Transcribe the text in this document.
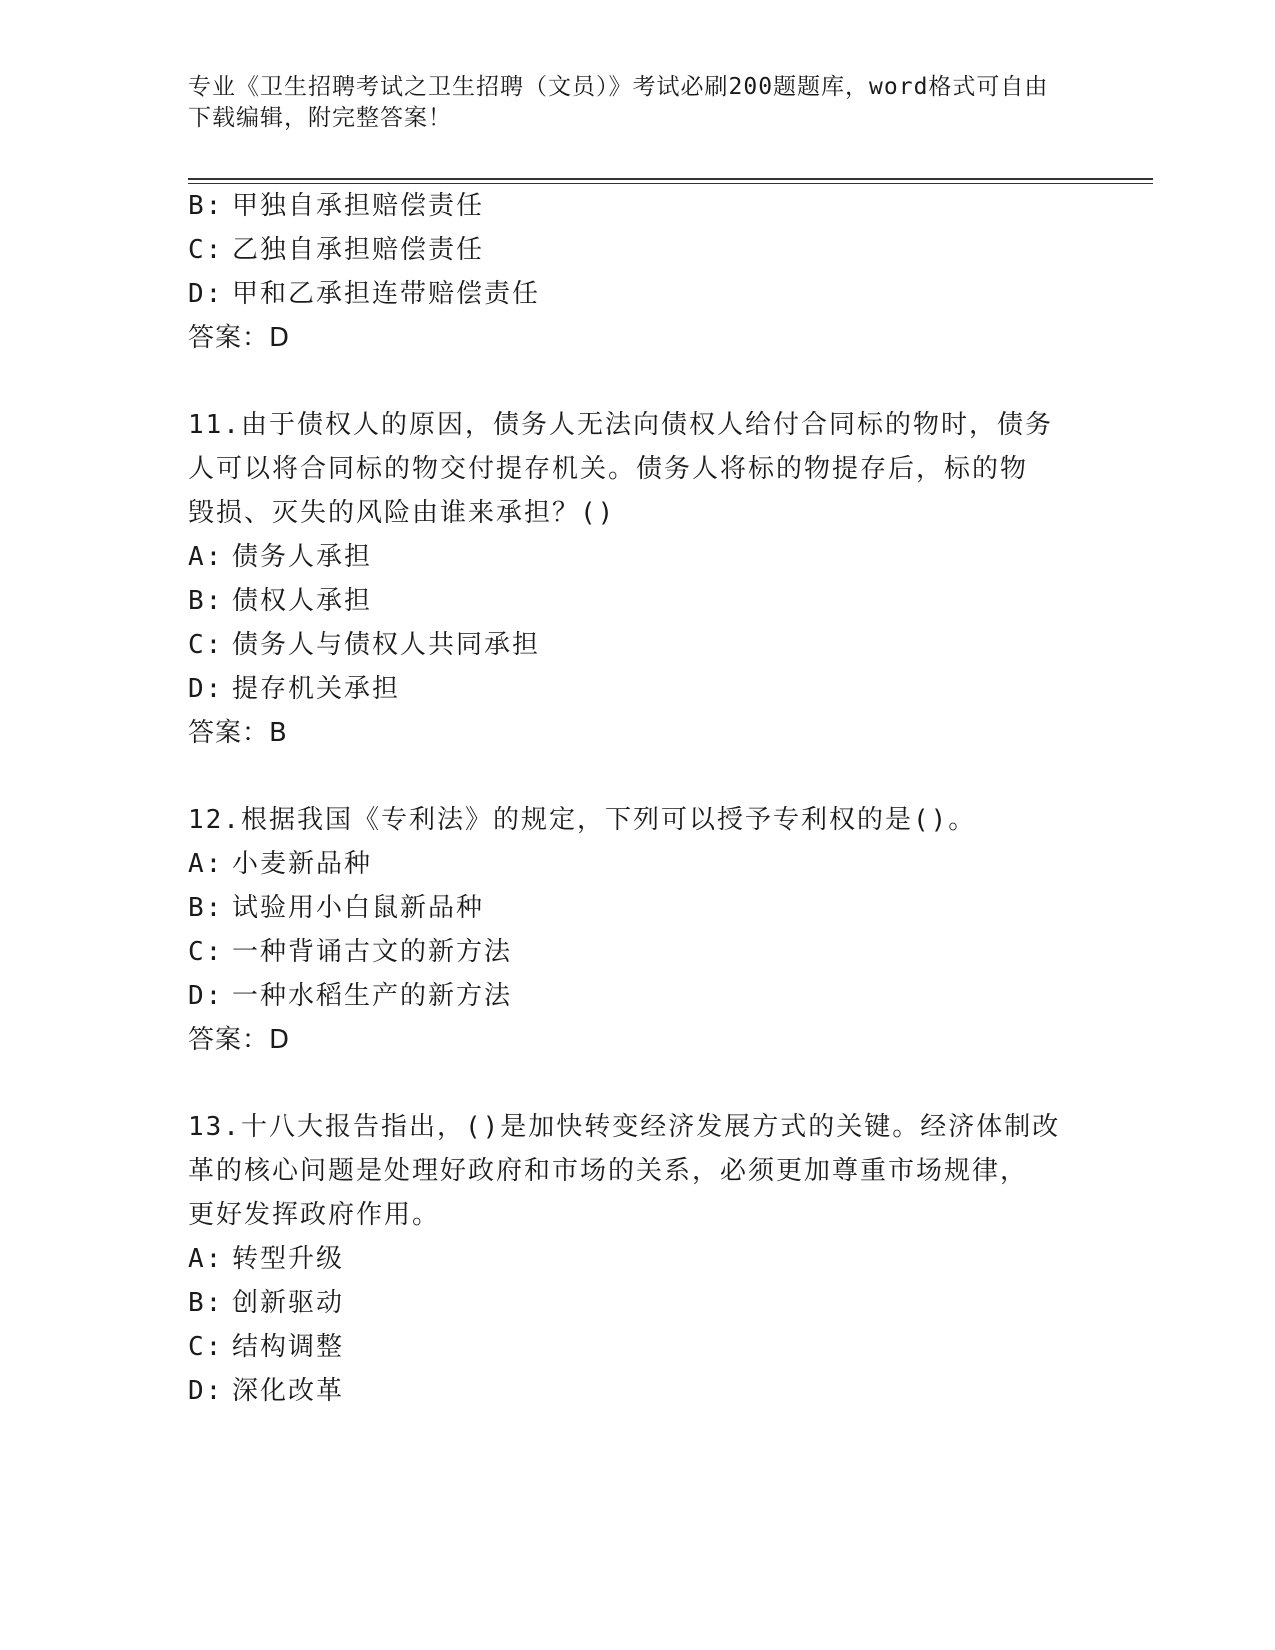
专业《卫生招聘考试之卫生招聘（文员）》考试必刷200题题库，word格式可自由下载编辑，附完整答案！
B: 甲独自承担赔偿责任
C: 乙独自承担赔偿责任
D: 甲和乙承担连带赔偿责任
答案：D
11.由于债权人的原因，债务人无法向债权人给付合同标的物时，债务
人可以将合同标的物交付提存机关。债务人将标的物提存后，标的物
毁损、灭失的风险由谁来承担？()
A: 债务人承担
B: 债权人承担
C: 债务人与债权人共同承担
D: 提存机关承担
答案：B
12.根据我国《专利法》的规定，下列可以授予专利权的是()。
A: 小麦新品种
B: 试验用小白鼠新品种
C: 一种背诵古文的新方法
D: 一种水稻生产的新方法
答案：D
13.十八大报告指出，()是加快转变经济发展方式的关键。经济体制改
革的核心问题是处理好政府和市场的关系，必须更加尊重市场规律，
更好发挥政府作用。
A: 转型升级
B: 创新驱动
C: 结构调整
D: 深化改革
